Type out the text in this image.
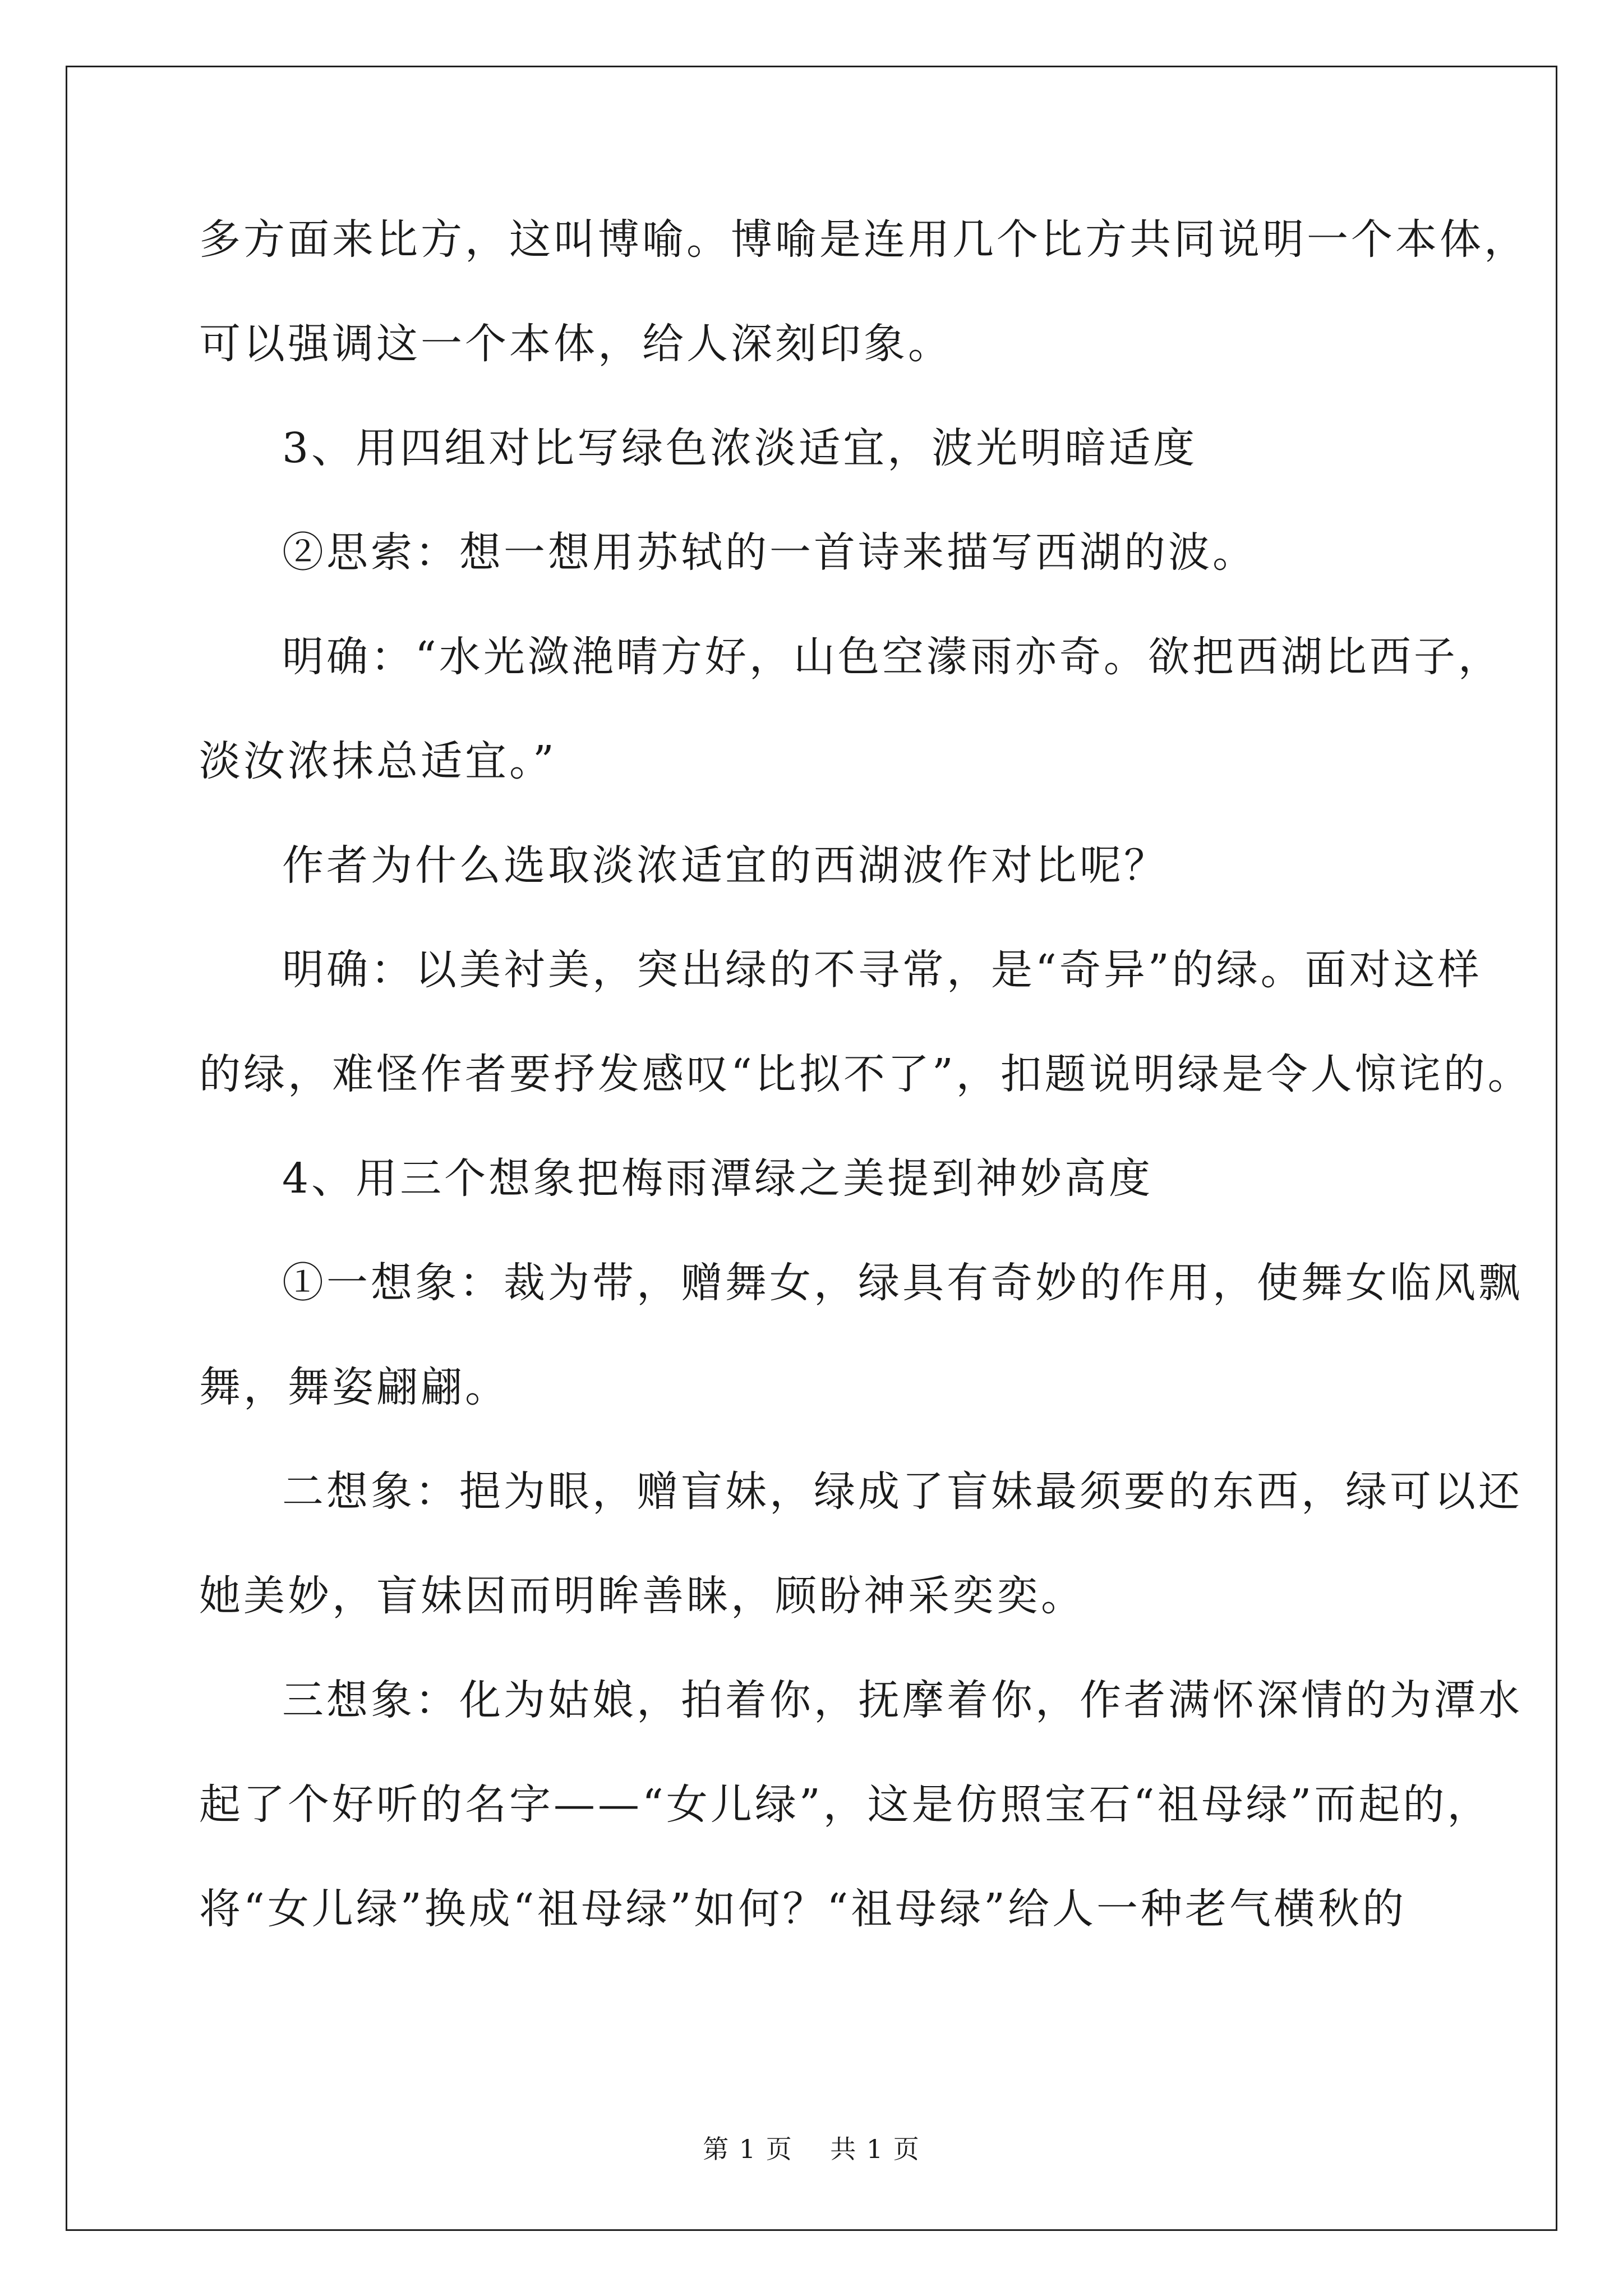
多方面来比方，这叫博喻。博喻是连用几个比方共同说明一个本体，
可以强调这一个本体，给人深刻印象。
3、用四组对比写绿色浓淡适宜，波光明暗适度
②思索：想一想用苏轼的一首诗来描写西湖的波。
明确：“水光潋滟晴方好，山色空濛雨亦奇。欲把西湖比西子，
淡汝浓抹总适宜。”
作者为什么选取淡浓适宜的西湖波作对比呢？
明确：以美衬美，突出绿的不寻常，是“奇异”的绿。面对这样
的绿，难怪作者要抒发感叹“比拟不了”，扣题说明绿是令人惊诧的。
4、用三个想象把梅雨潭绿之美提到神妙高度
①一想象：裁为带，赠舞女，绿具有奇妙的作用，使舞女临风飘
舞，舞姿翩翩。
二想象：挹为眼，赠盲妹，绿成了盲妹最须要的东西，绿可以还
她美妙，盲妹因而明眸善睐，顾盼神采奕奕。
三想象：化为姑娘，拍着你，抚摩着你，作者满怀深情的为潭水
起了个好听的名字——“女儿绿”，这是仿照宝石“祖母绿”而起的，
将“女儿绿”换成“祖母绿”如何？“祖母绿”给人一种老气横秋的
第 1 页    共 1 页
